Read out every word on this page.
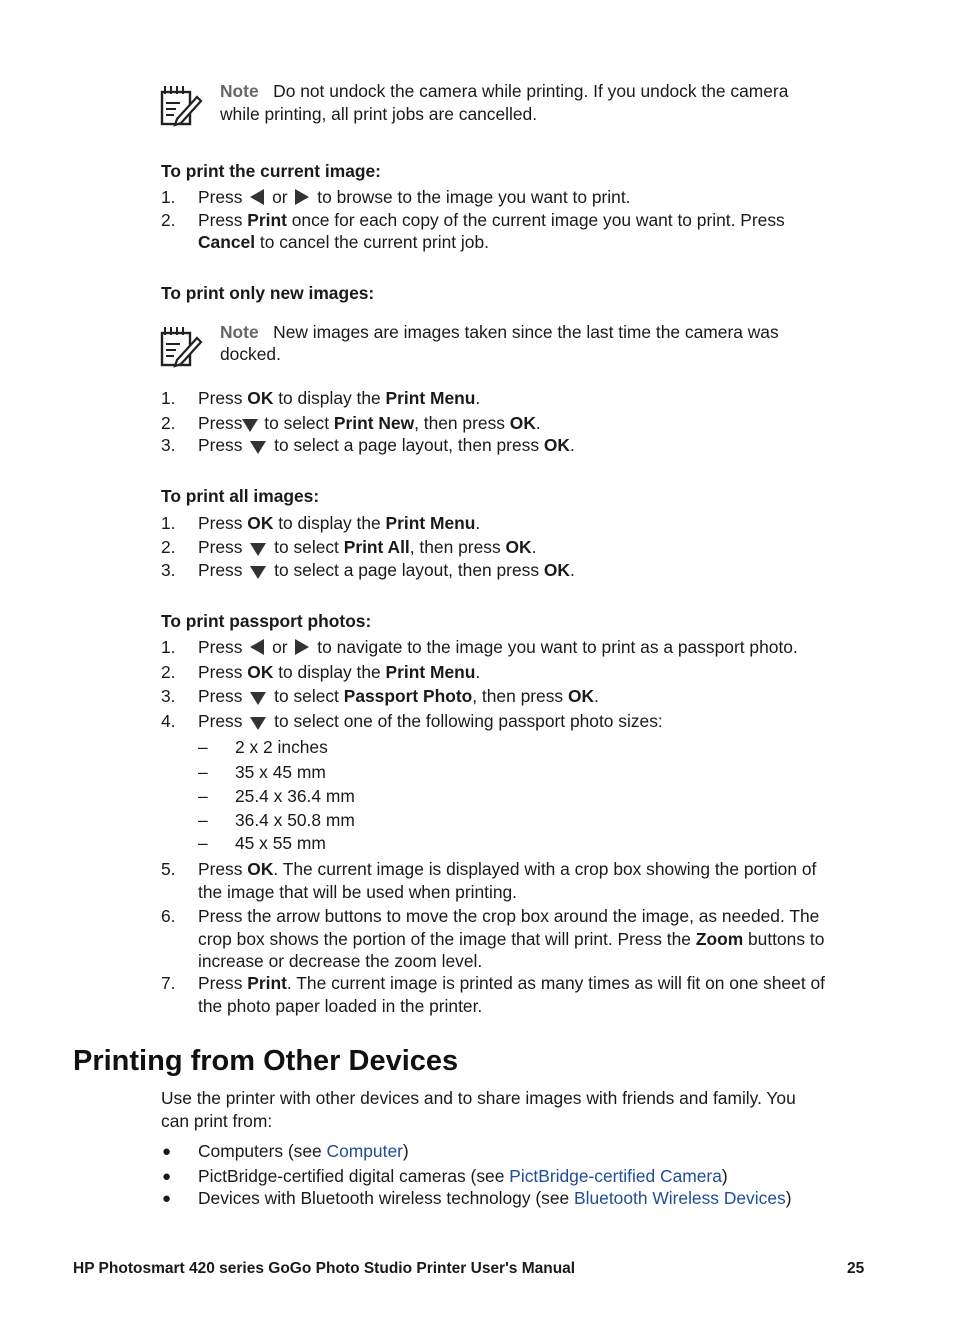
Note Do not undock the camera while printing. If you undock the camera
while printing, all print jobs are cancelled.
To print the current image:
1. Press or to browse to the image you want to print.
2. Press Print once for each copy of the current image you want to print. Press
Cancel to cancel the current print job.
To print only new images:
Note New images are images taken since the last time the camera was
docked.
1. Press OK to display the Print Menu.
2. Press to select Print New, then press OK.
3. Press  to select a page layout, then press OK.
To print all images:
1. Press OK to display the Print Menu.
2. Press  to select Print All, then press OK.
3. Press  to select a page layout, then press OK.
To print passport photos:
1. Press or to navigate to the image you want to print as a passport photo.
2. Press OK to display the Print Menu.
3. Press  to select Passport Photo, then press OK.
4. Press  to select one of the following passport photo sizes:
– 2 x 2 inches
– 35 x 45 mm
– 25.4 x 36.4 mm
– 36.4 x 50.8 mm
– 45 x 55 mm
5. Press OK. The current image is displayed with a crop box showing the portion of
the image that will be used when printing.
6. Press the arrow buttons to move the crop box around the image, as needed. The
crop box shows the portion of the image that will print. Press the Zoom buttons to
increase or decrease the zoom level.
7. Press Print. The current image is printed as many times as will fit on one sheet of
the photo paper loaded in the printer.
Printing from Other Devices
Use the printer with other devices and to share images with friends and family. You
can print from:
● Computers (see Computer)
● PictBridge-certified digital cameras (see PictBridge-certified Camera)
● Devices with Bluetooth wireless technology (see Bluetooth Wireless Devices)
HP Photosmart 420 series GoGo Photo Studio Printer User's Manual	25
